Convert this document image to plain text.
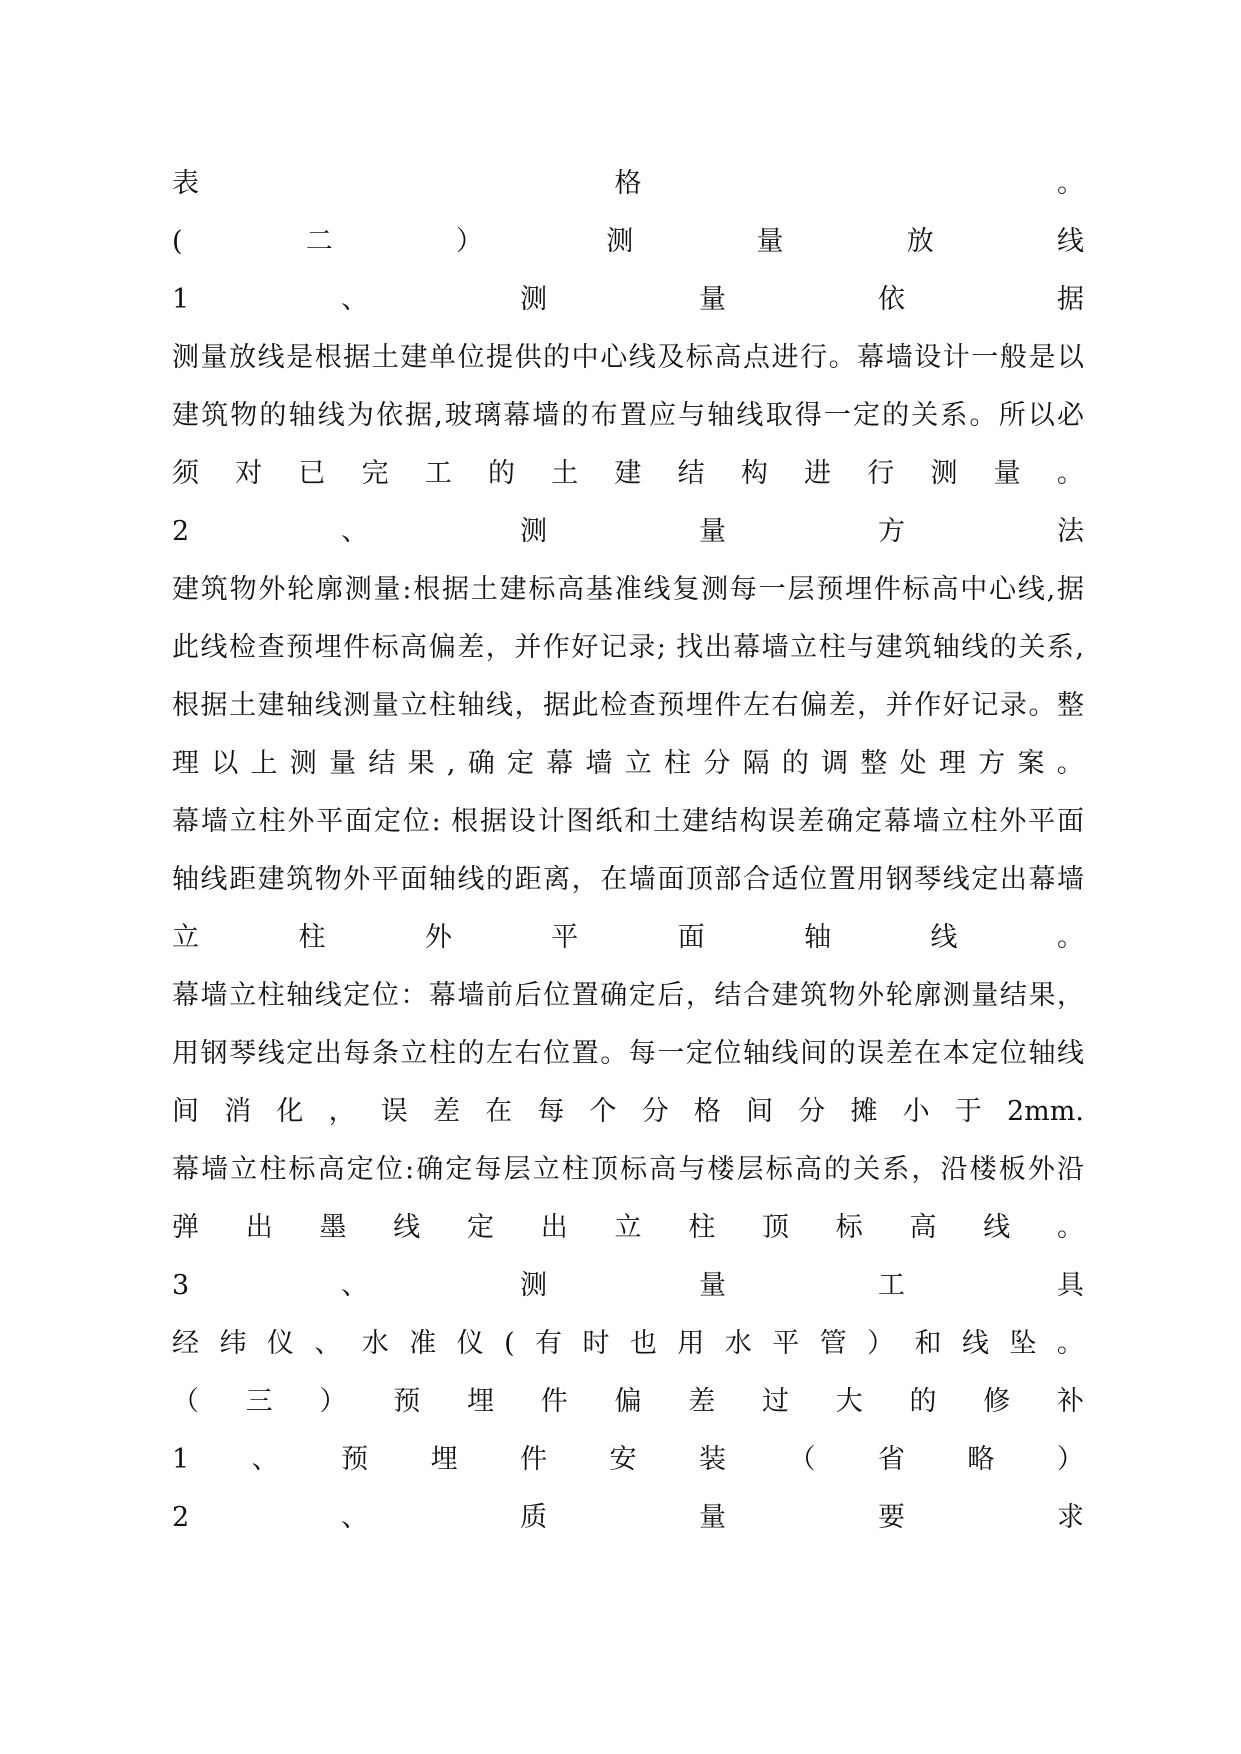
表	格	。
(	二	）	测	量	放	线
1	、	测	量	依	据
测量放线是根据土建单位提供的中心线及标高点进行。幕墙设计一般是以
建筑物的轴线为依据,玻璃幕墙的布置应与轴线取得一定的关系。所以必
须 对 已 完 工 的 土 建 结 构 进 行 测 量 。
2	、	测	量	方	法
建筑物外轮廓测量:根据土建标高基准线复测每一层预埋件标高中心线,据
此线检查预埋件标高偏差，并作好记录; 找出幕墙立柱与建筑轴线的关系,
根据土建轴线测量立柱轴线，据此检查预埋件左右偏差，并作好记录。整
理 以 上 测 量 结 果 , 确 定 幕 墙 立 柱 分 隔 的 调 整 处 理 方 案 。
幕墙立柱外平面定位: 根据设计图纸和土建结构误差确定幕墙立柱外平面
轴线距建筑物外平面轴线的距离，在墙面顶部合适位置用钢琴线定出幕墙
立	柱	外	平	面	轴	线	。
幕墙立柱轴线定位：幕墙前后位置确定后，结合建筑物外轮廓测量结果，
用钢琴线定出每条立柱的左右位置。每一定位轴线间的误差在本定位轴线
间 消 化 ， 误 差 在 每 个 分 格 间 分 摊 小 于 2mm.
幕墙立柱标高定位:确定每层立柱顶标高与楼层标高的关系，沿楼板外沿
弹 出 墨 线 定 出 立 柱 顶 标 高 线 。
3	、	测	量	工	具
经 纬 仪 、 水 准 仪 ( 有 时 也 用 水 平 管 ） 和 线 坠 。
（ 三 ） 预 埋 件 偏 差 过 大 的 修 补
1 、 预 埋 件 安 装 （ 省 略 ）
2	、	质	量	要	求
